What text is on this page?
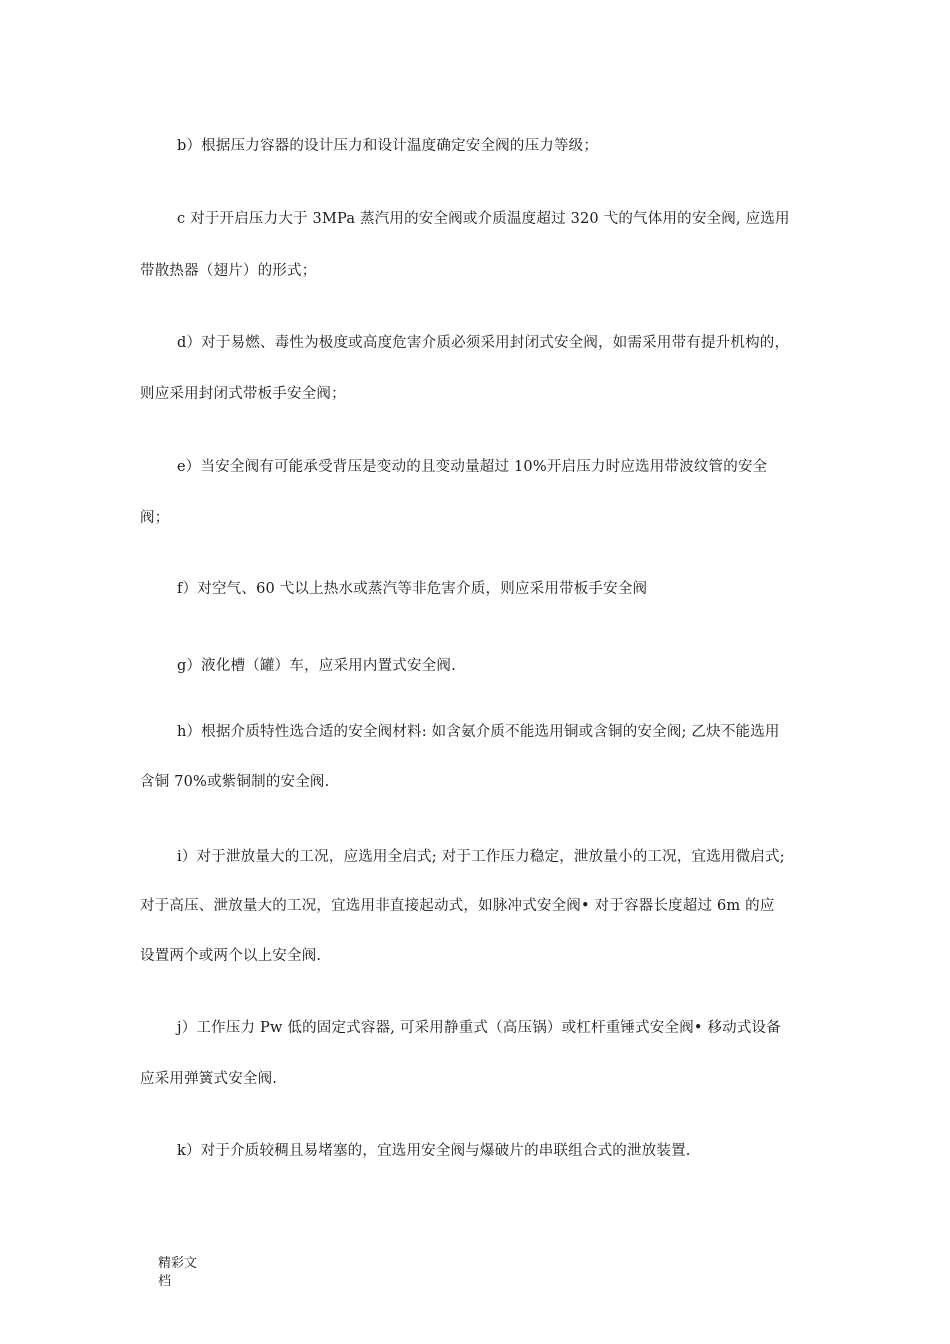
b）根据压力容器的设计压力和设计温度确定安全阀的压力等级；
c 对于开启压力大于 3MPa 蒸汽用的安全阀或介质温度超过 320 弋的气体用的安全阀, 应选用
带散热器（翅片）的形式；
d）对于易燃、毒性为极度或高度危害介质必须采用封闭式安全阀，如需采用带有提升机构的，
则应采用封闭式带板手安全阀；
e）当安全阀有可能承受背压是变动的且变动量超过 10%开启压力时应选用带波纹管的安全
阀；
f）对空气、60 弋以上热水或蒸汽等非危害介质，则应采用带板手安全阀
g）液化槽（罐）车，应采用内置式安全阀.
h）根据介质特性选合适的安全阀材料: 如含氨介质不能选用铜或含铜的安全阀; 乙炔不能选用
含铜 70%或紫铜制的安全阀.
i）对于泄放量大的工况，应选用全启式; 对于工作压力稳定，泄放量小的工况，宜选用微启式;
对于高压、泄放量大的工况，宜选用非直接起动式，如脉冲式安全阀• 对于容器长度超过 6m 的应
设置两个或两个以上安全阀.
j）工作压力 Pw 低的固定式容器, 可采用静重式（高压锅）或杠杆重锤式安全阀• 移动式设备
应采用弹簧式安全阀.
k）对于介质较稠且易堵塞的，宜选用安全阀与爆破片的串联组合式的泄放装置.
精彩文
档
